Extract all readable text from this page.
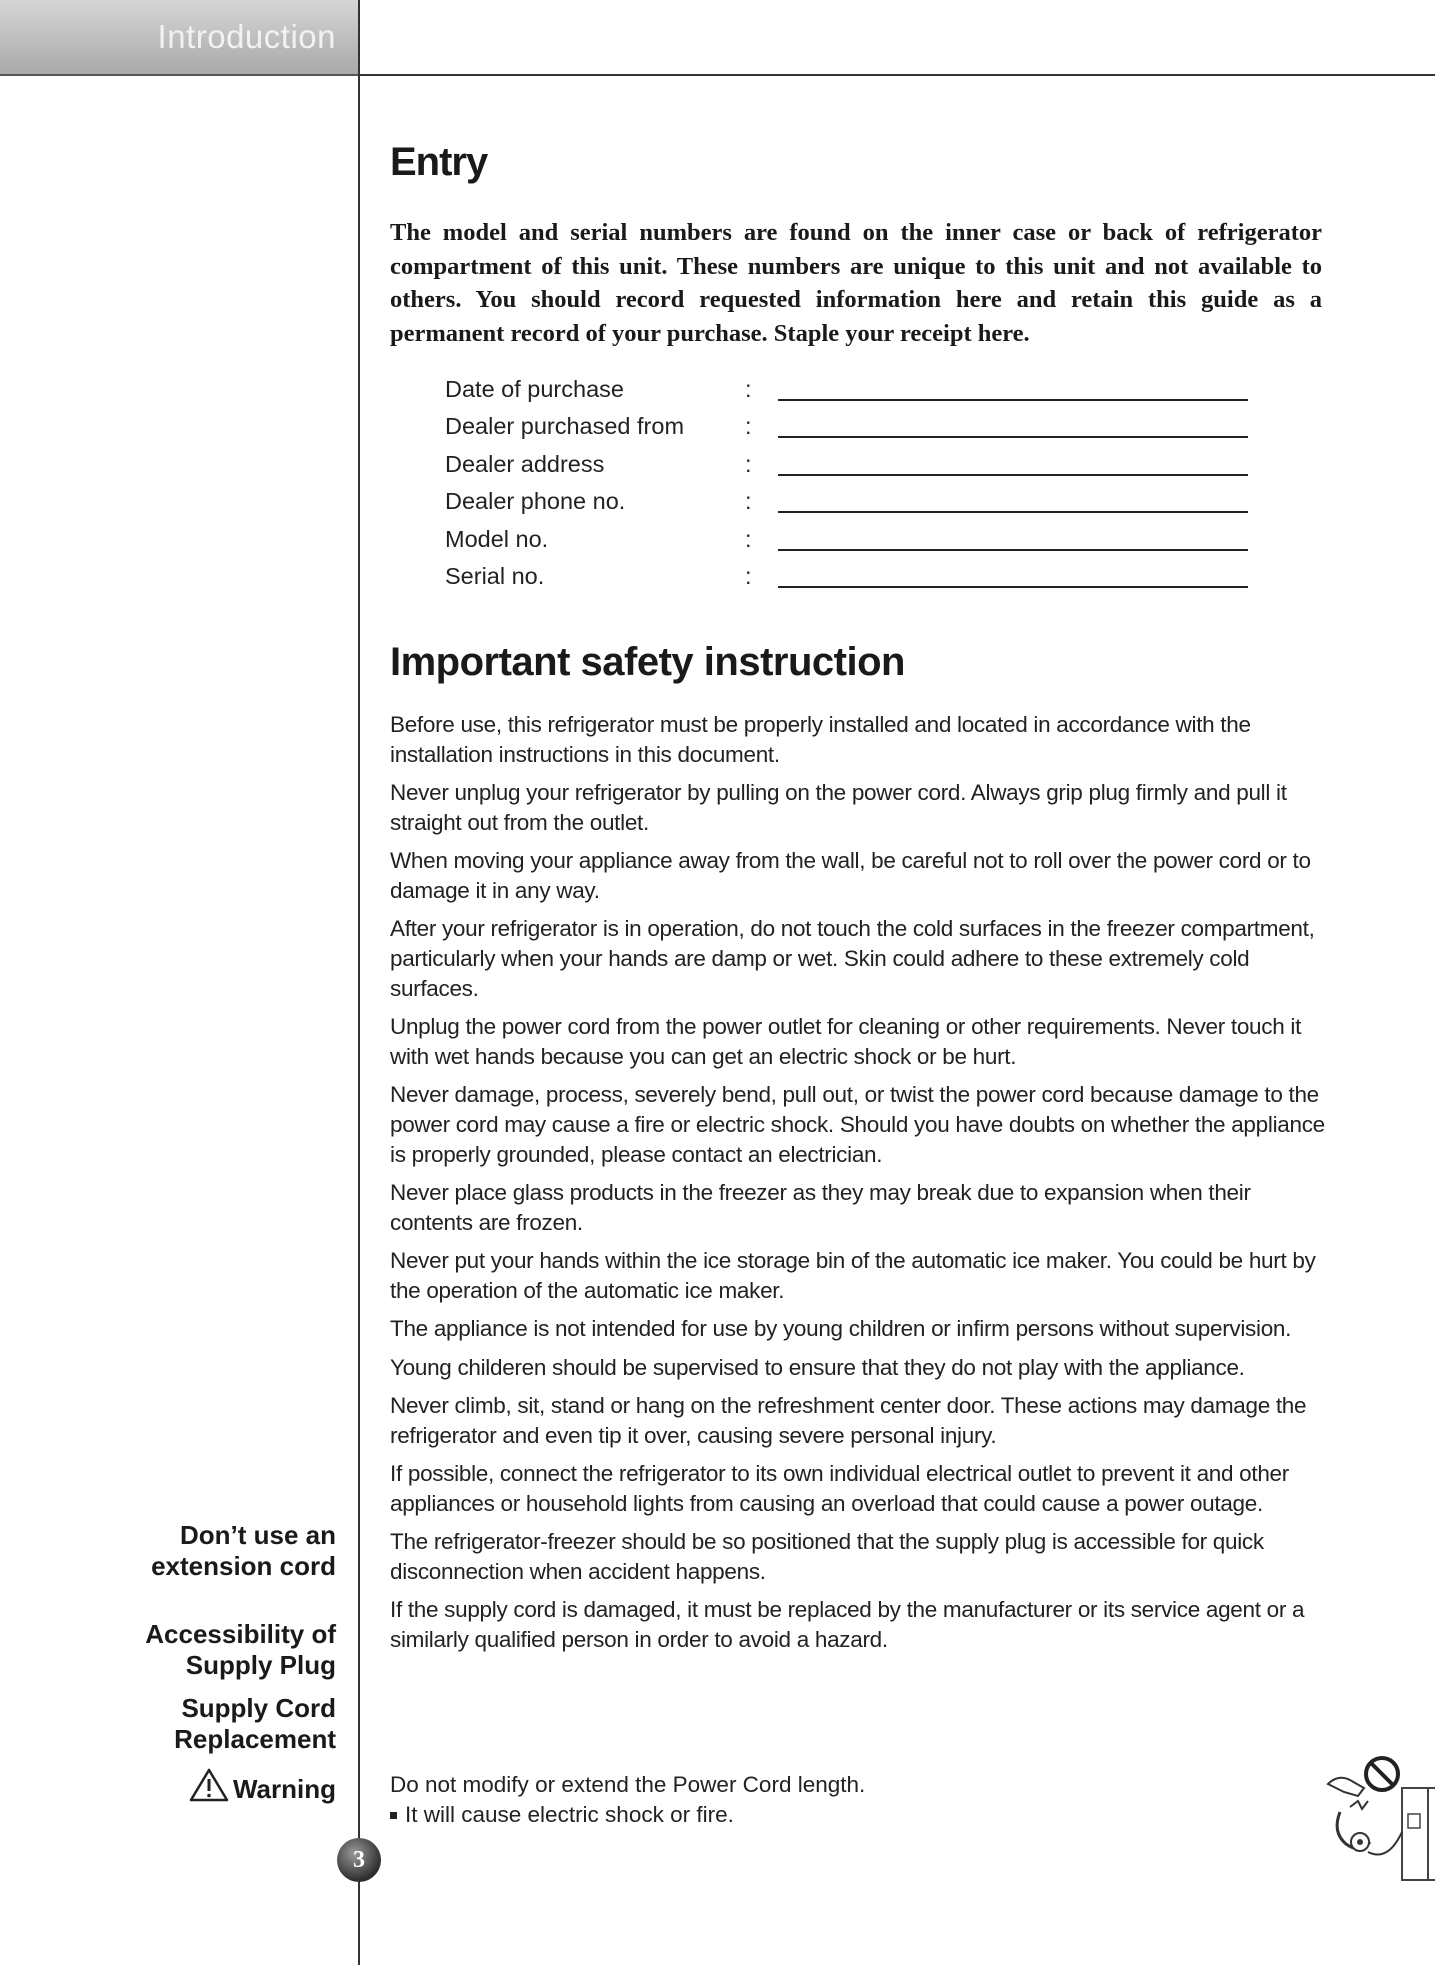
Introduction
Entry

The model and serial numbers are found on the inner case or back of refrigerator compartment of this unit. These numbers are unique to this unit and not available to others. You should record requested information here and retain this guide as a permanent record of your purchase. Staple your receipt here.

Date of purchase	:
Dealer purchased from	:
Dealer address	:
Dealer phone no.	:
Model no.	:
Serial no.	:
Important safety instruction

Before use, this refrigerator must be properly installed and located in accordance with the installation instructions in this document.

Never unplug your refrigerator by pulling on the power cord. Always grip plug firmly and pull it straight out from the outlet.

When moving your appliance away from the wall, be careful not to roll over the power cord or to damage it in any way.

After your refrigerator is in operation, do not touch the cold surfaces in the freezer compartment, particularly when your hands are damp or wet. Skin could adhere to these extremely cold surfaces.

Unplug the power cord from the power outlet for cleaning or other requirements. Never touch it with wet hands because you can get an electric shock or be hurt.

Never damage, process, severely bend, pull out, or twist the power cord because damage to the power cord may cause a fire or electric shock. Should you have doubts on whether the appliance is properly grounded, please contact an electrician.

Never place glass products in the freezer as they may break due to expansion when their contents are frozen.

Never put your hands within the ice storage bin of the automatic ice maker. You could be hurt by the operation of the automatic ice maker.

The appliance is not intended for use by young children or infirm persons without supervision.

Young childeren should be supervised to ensure that they do not play with the appliance.

Never climb, sit, stand or hang on the refreshment center door. These actions may damage the refrigerator and even tip it over, causing severe personal injury.

If possible, connect the refrigerator to its own individual electrical outlet to prevent it and other appliances or household lights from causing an overload that could cause a power outage.

The refrigerator-freezer should be so positioned that the supply plug is accessible for quick disconnection when accident happens.

If the supply cord is damaged, it must be replaced by the manufacturer or its service agent or a similarly qualified person in order to avoid a hazard.

Do not modify or extend the Power Cord length.
It will cause electric shock or fire.
Don’t use an
extension cord
Accessibility of
Supply Plug
Supply Cord
Replacement
Warning
3
